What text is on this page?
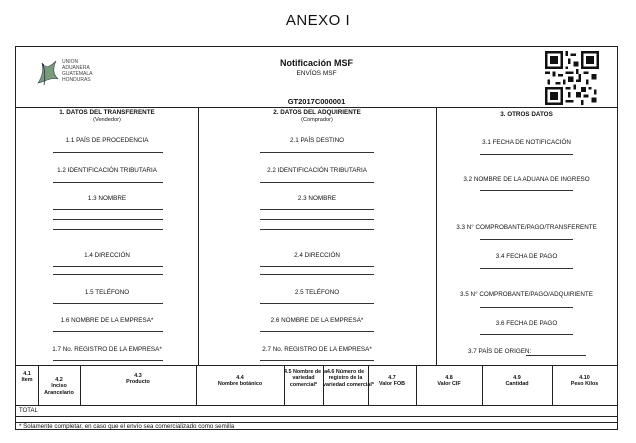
ANEXO I
UNION
ADUANERA
GUATEMALA
HONDURAS
Notificación MSF
ENVÍOS MSF
GT2017C000001
1. DATOS DEL TRANSFERENTE
(Vendedor)
1.1 PAÍS DE PROCEDENCIA
1.2 IDENTIFICACIÓN TRIBUTARIA
1.3 NOMBRE
1.4 DIRECCIÓN
1.5 TELÉFONO
1.6 NOMBRE DE LA EMPRESA*
1.7 No. REGISTRO DE LA EMPRESA*
2. DATOS DEL ADQUIRIENTE
(Comprador)
2.1 PAÍS DESTINO
2.2 IDENTIFICACIÓN TRIBUTARIA
2.3 NOMBRE
2.4 DIRECCIÓN
2.5 TELÉFONO
2.6 NOMBRE DE LA EMPRESA*
2.7 No. REGISTRO DE LA EMPRESA*
3. OTROS DATOS
3.1 FECHA DE NOTIFICACIÓN
3.2 NOMBRE DE LA ADUANA DE INGRESO
3.3 N° COMPROBANTE/PAGO/TRANSFERENTE
3.4 FECHA DE PAGO
3.5 N° COMPROBANTE/PAGO/ADQUIRIENTE
3.6 FECHA DE PAGO
3.7 PAÍS DE ORIGEN:
4.1
Item	4.2
Inciso
Arancelario
4.3
Producto
4.4
Nombre botánico
4.5 Nombre de la
variedad
comercial*
4.6 Número de
registro de la
variedad comercial*
4.7
Valor FOB
4.8
Valor CIF
4.9
Cantidad
4.10
Peso Kilos
TOTAL
* Solamente completar, en caso que el envío sea comercializado como semilla
